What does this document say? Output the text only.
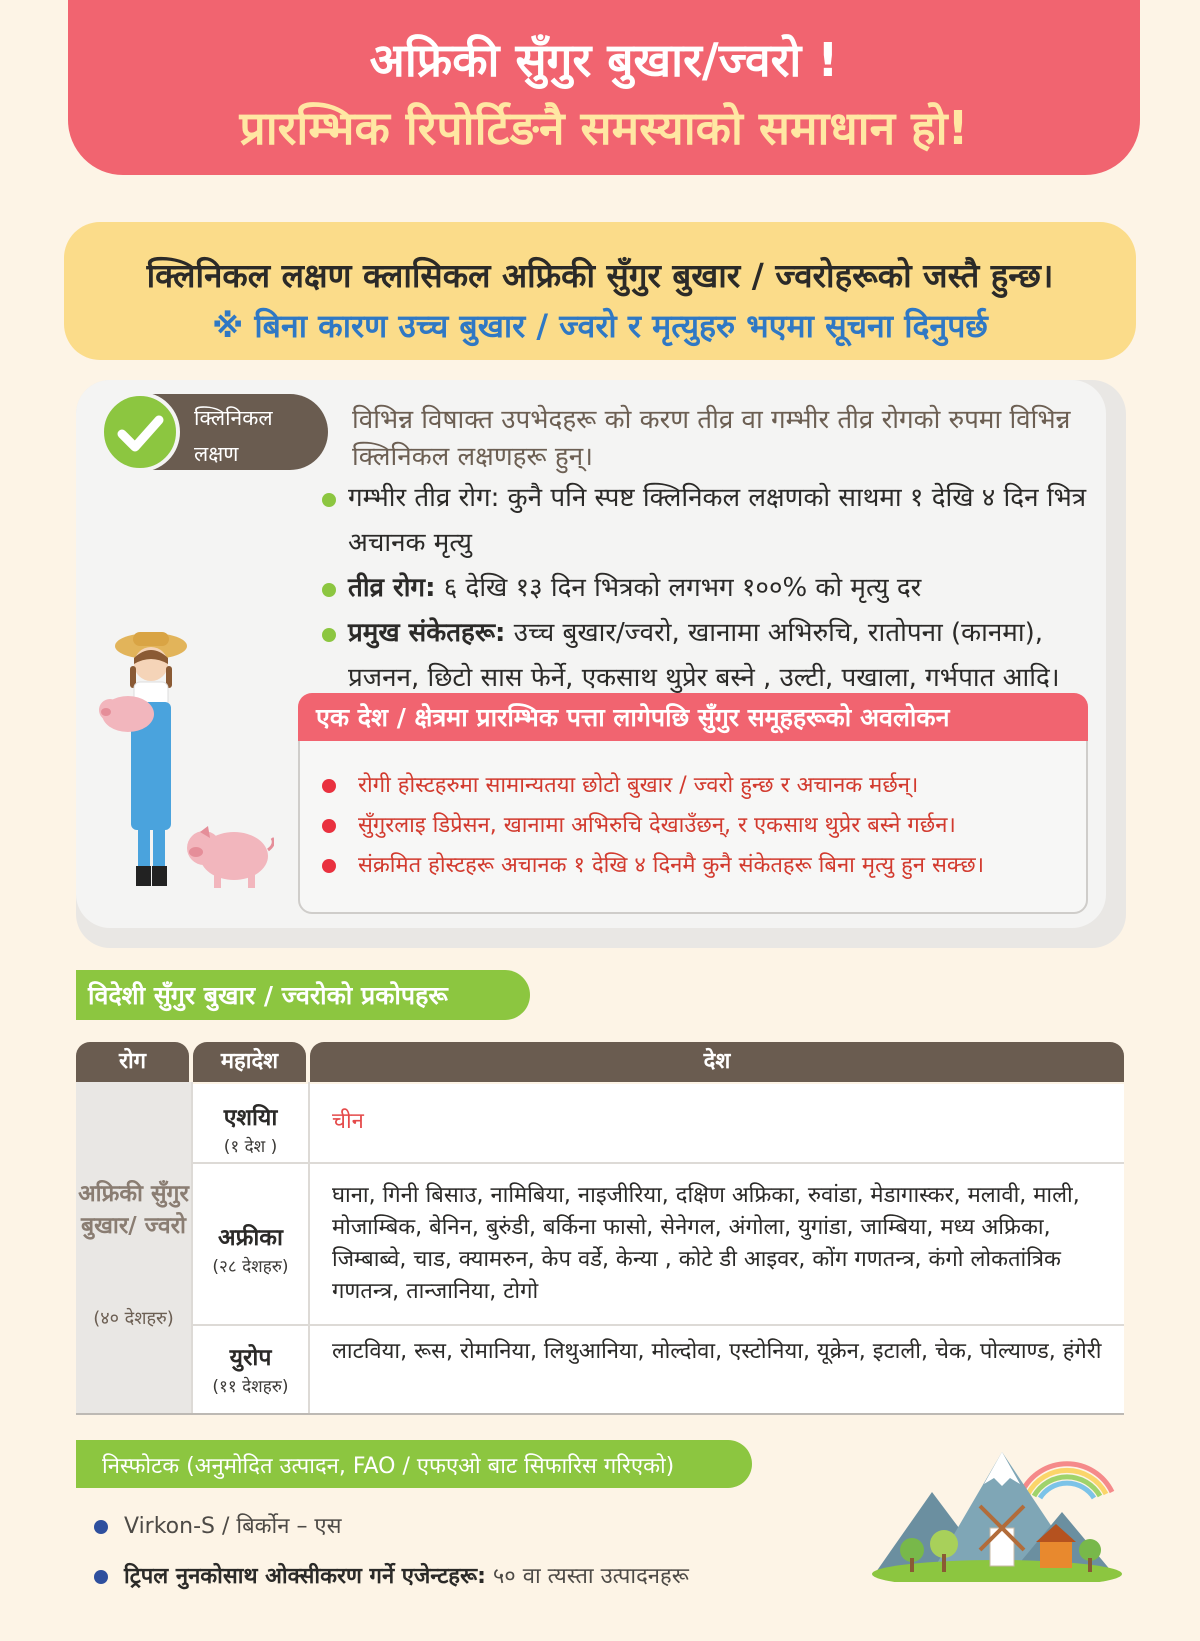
अफ्रिकी सुँगुर बुखार/ज्वरो !
प्रारम्भिक रिपोर्टिङनै समस्याको समाधान हो!
क्लिनिकल लक्षण क्लासिकल अफ्रिकी सुँगुर बुखार / ज्वरोहरूको जस्तै हुन्छ।
※ बिना कारण उच्च बुखार / ज्वरो र मृत्युहरु भएमा सूचना दिनुपर्छ
क्लिनिकल लक्षण
विभिन्न विषाक्त उपभेदहरू को करण तीव्र वा गम्भीर तीव्र रोगको रुपमा विभिन्न क्लिनिकल लक्षणहरू हुन्।
गम्भीर तीव्र रोग: कुनै पनि स्पष्ट क्लिनिकल लक्षणको साथमा १ देखि ४ दिन भित्र अचानक मृत्यु
तीव्र रोग: ६ देखि १३ दिन भित्रको लगभग १००% को मृत्यु दर
प्रमुख संकेतहरू: उच्च बुखार/ज्वरो, खानामा अभिरुचि, रातोपना (कानमा), प्रजनन, छिटो सास फेर्ने, एकसाथ थुप्रेर बस्ने , उल्टी, पखाला, गर्भपात आदि।
एक देश / क्षेत्रमा प्रारम्भिक पत्ता लागेपछि सुँगुर समूहहरूको अवलोकन
रोगी होस्टहरुमा सामान्यतया छोटो बुखार / ज्वरो हुन्छ र अचानक मर्छन्।
सुँगुरलाइ डिप्रेसन, खानामा अभिरुचि देखाउँछन्, र एकसाथ थुप्रेर बस्ने गर्छन।
संक्रमित होस्टहरू अचानक १ देखि ४ दिनमै कुनै संकेतहरू बिना मृत्यु हुन सक्छ।
विदेशी सुँगुर बुखार / ज्वरोको प्रकोपहरू
रोग	महादेश	देश
अफ्रिकी सुँगुर बुखार/ ज्वरो
(४० देशहरु)
एशयिा
(१ देश )
चीन
अफ्रीका
(२८ देशहरु)
घाना, गिनी बिसाउ, नामिबिया, नाइजीरिया, दक्षिण अफ्रिका, रुवांडा, मेडागास्कर, मलावी, माली, मोजाम्बिक, बेनिन, बुरुंडी, बर्किना फासो, सेनेगल, अंगोला, युगांडा, जाम्बिया, मध्य अफ्रिका, जिम्बाब्वे, चाड, क्यामरुन, केप वर्डे, केन्या , कोटे डी आइवर, कोंग गणतन्त्र, कंगो लोकतांत्रिक गणतन्त्र, तान्जानिया, टोगो
युरोप
(११ देशहरु)
लाटविया, रूस, रोमानिया, लिथुआनिया, मोल्दोवा, एस्टोनिया, यूक्रेन, इटाली, चेक, पोल्याण्ड, हंगेरी
निस्फोटक (अनुमोदित उत्पादन, FAO / एफएओ बाट सिफारिस गरिएको)
Virkon-S / बिर्कोन – एस
ट्रिपल नुनकोसाथ ओक्सीकरण गर्ने एजेन्टहरू: ५० वा त्यस्ता उत्पादनहरू
